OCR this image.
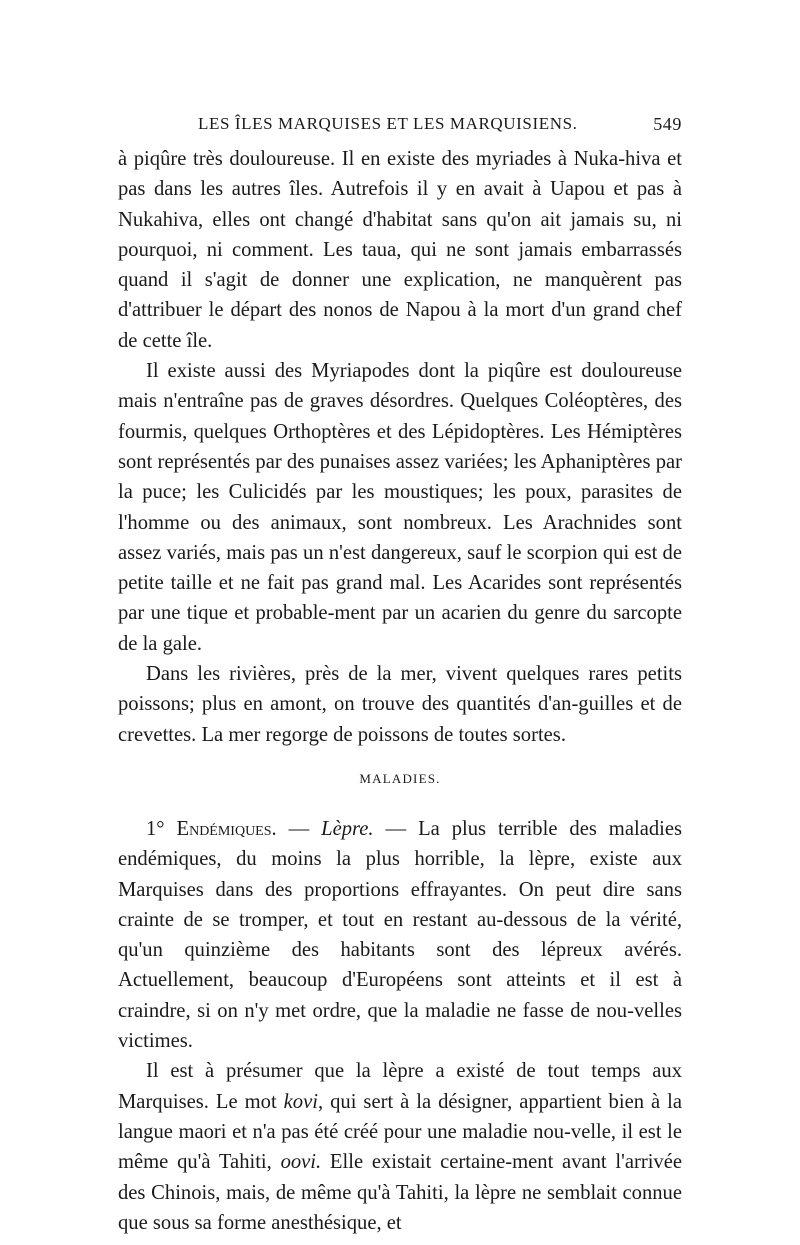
LES ÎLES MARQUISES ET LES MARQUISIENS.	549

à piqûre très douloureuse. Il en existe des myriades à Nuka-hiva et pas dans les autres îles. Autrefois il y en avait à Uapou et pas à Nukahiva, elles ont changé d'habitat sans qu'on ait jamais su, ni pourquoi, ni comment. Les taua, qui ne sont jamais embarrassés quand il s'agit de donner une explication, ne manquèrent pas d'attribuer le départ des nonos de Napou à la mort d'un grand chef de cette île.

Il existe aussi des Myriapodes dont la piqûre est douloureuse mais n'entraîne pas de graves désordres. Quelques Coléoptères, des fourmis, quelques Orthoptères et des Lépidoptères. Les Hémiptères sont représentés par des punaises assez variées; les Aphaniptères par la puce; les Culicidés par les moustiques; les poux, parasites de l'homme ou des animaux, sont nombreux. Les Arachnides sont assez variés, mais pas un n'est dangereux, sauf le scorpion qui est de petite taille et ne fait pas grand mal. Les Acarides sont représentés par une tique et probable-ment par un acarien du genre du sarcopte de la gale.

Dans les rivières, près de la mer, vivent quelques rares petits poissons; plus en amont, on trouve des quantités d'an-guilles et de crevettes. La mer regorge de poissons de toutes sortes.

MALADIES.

1° Endémiques. — Lèpre. — La plus terrible des maladies endémiques, du moins la plus horrible, la lèpre, existe aux Marquises dans des proportions effrayantes. On peut dire sans crainte de se tromper, et tout en restant au-dessous de la vérité, qu'un quinzième des habitants sont des lépreux avérés. Actuellement, beaucoup d'Européens sont atteints et il est à craindre, si on n'y met ordre, que la maladie ne fasse de nou-velles victimes.

Il est à présumer que la lèpre a existé de tout temps aux Marquises. Le mot kovi, qui sert à la désigner, appartient bien à la langue maori et n'a pas été créé pour une maladie nou-velle, il est le même qu'à Tahiti, oovi. Elle existait certaine-ment avant l'arrivée des Chinois, mais, de même qu'à Tahiti, la lèpre ne semblait connue que sous sa forme anesthésique, et
